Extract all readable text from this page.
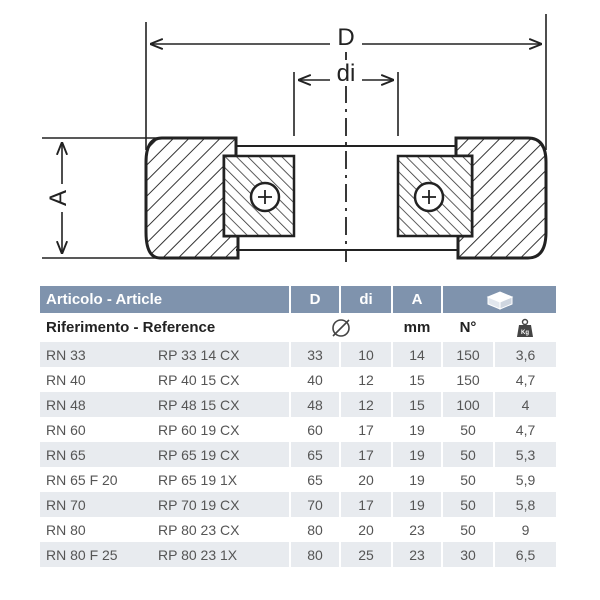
D
di
A
Articolo - Article		D	di	A	
Riferimento - Reference				mm	N°	Kg

RN 33	RP 33 14 CX	33	10	14	150	3,6
RN 40	RP 40 15 CX	40	12	15	150	4,7
RN 48	RP 48 15 CX	48	12	15	100	4
RN 60	RP 60 19 CX	60	17	19	50	4,7
RN 65	RP 65 19 CX	65	17	19	50	5,3
RN 65 F 20	RP 65 19 1X	65	20	19	50	5,9
RN 70	RP 70 19 CX	70	17	19	50	5,8
RN 80	RP 80 23 CX	80	20	23	50	9
RN 80 F 25	RP 80 23 1X	80	25	23	30	6,5
